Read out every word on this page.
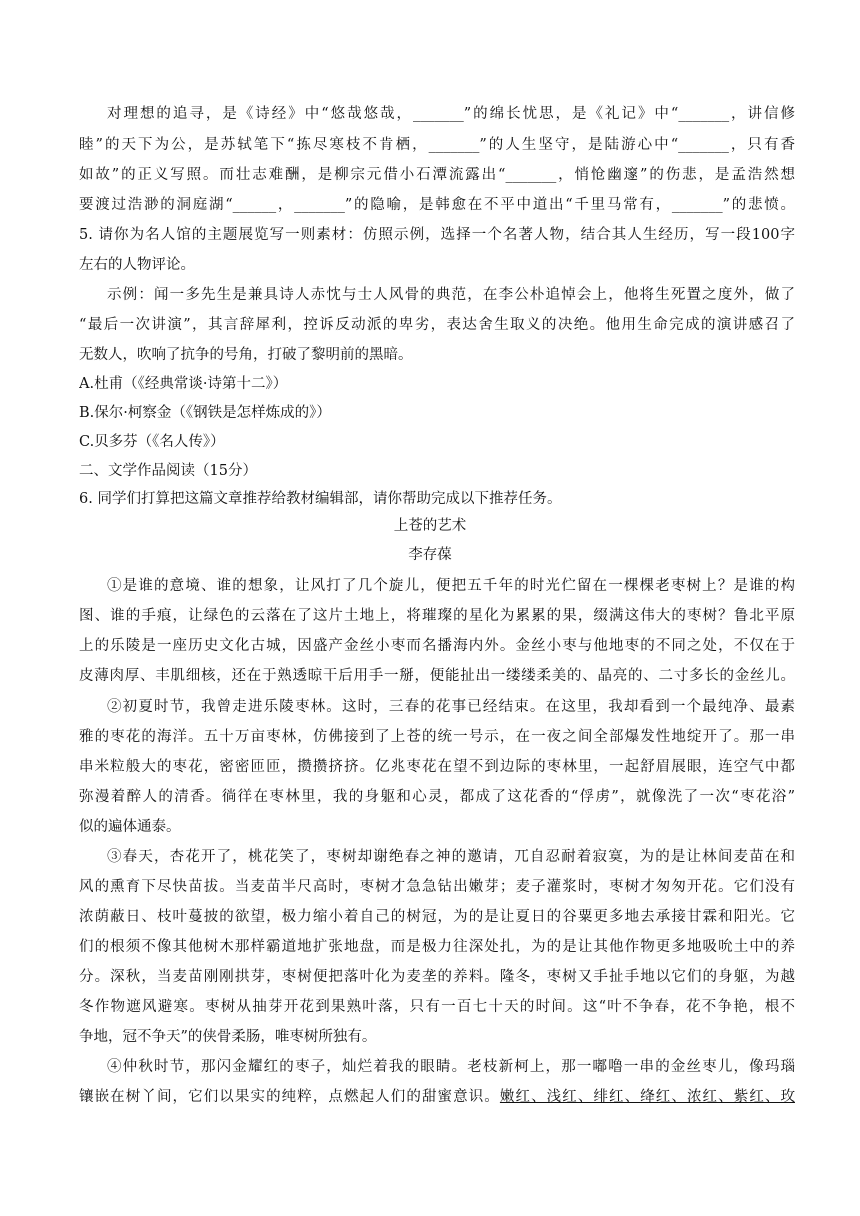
对理想的追寻，是《诗经》中“悠哉悠哉，_______”的绵长忧思，是《礼记》中“_______，讲信修
睦”的天下为公，是苏轼笔下“拣尽寒枝不肯栖，_______”的人生坚守，是陆游心中“_______，只有香
如故”的正义写照。而壮志难酬，是柳宗元借小石潭流露出“_______，悄怆幽邃”的伤悲，是孟浩然想
要渡过浩渺的洞庭湖“______，_______”的隐喻，是韩愈在不平中道出“千里马常有，_______”的悲愤。
5. 请你为名人馆的主题展览写一则素材：仿照示例，选择一个名著人物，结合其人生经历，写一段100字
左右的人物评论。
示例：闻一多先生是兼具诗人赤忱与士人风骨的典范，在李公朴追悼会上，他将生死置之度外，做了
“最后一次讲演”，其言辞犀利，控诉反动派的卑劣，表达舍生取义的决绝。他用生命完成的演讲感召了
无数人，吹响了抗争的号角，打破了黎明前的黑暗。
A.杜甫（《经典常谈·诗第十二》）
B.保尔·柯察金（《钢铁是怎样炼成的》）
C.贝多芬（《名人传》）
二、文学作品阅读（15分）
6. 同学们打算把这篇文章推荐给教材编辑部，请你帮助完成以下推荐任务。
上苍的艺术
李存葆
①是谁的意境、谁的想象，让风打了几个旋儿，便把五千年的时光伫留在一棵棵老枣树上？是谁的构
图、谁的手痕，让绿色的云落在了这片土地上，将璀璨的星化为累累的果，缀满这伟大的枣树？鲁北平原
上的乐陵是一座历史文化古城，因盛产金丝小枣而名播海内外。金丝小枣与他地枣的不同之处，不仅在于
皮薄肉厚、丰肌细核，还在于熟透晾干后用手一掰，便能扯出一缕缕柔美的、晶亮的、二寸多长的金丝儿。
②初夏时节，我曾走进乐陵枣林。这时，三春的花事已经结束。在这里，我却看到一个最纯净、最素
雅的枣花的海洋。五十万亩枣林，仿佛接到了上苍的统一号示，在一夜之间全部爆发性地绽开了。那一串
串米粒般大的枣花，密密匝匝，攒攒挤挤。亿兆枣花在望不到边际的枣林里，一起舒眉展眼，连空气中都
弥漫着醉人的清香。徜徉在枣林里，我的身躯和心灵，都成了这花香的“俘虏”，就像洗了一次“枣花浴”
似的遍体通泰。
③春天，杏花开了，桃花笑了，枣树却谢绝春之神的邀请，兀自忍耐着寂寞，为的是让林间麦苗在和
风的熏育下尽快苗拔。当麦苗半尺高时，枣树才急急钻出嫩芽；麦子灌浆时，枣树才匆匆开花。它们没有
浓荫蔽日、枝叶蔓披的欲望，极力缩小着自己的树冠，为的是让夏日的谷粟更多地去承接甘霖和阳光。它
们的根须不像其他树木那样霸道地扩张地盘，而是极力往深处扎，为的是让其他作物更多地吸吮土中的养
分。深秋，当麦苗刚刚拱芽，枣树便把落叶化为麦垄的养料。隆冬，枣树又手扯手地以它们的身躯，为越
冬作物遮风避寒。枣树从抽芽开花到果熟叶落，只有一百七十天的时间。这“叶不争春，花不争艳，根不
争地，冠不争天”的侠骨柔肠，唯枣树所独有。
④仲秋时节，那闪金耀红的枣子，灿烂着我的眼睛。老枝新柯上，那一嘟噜一串的金丝枣儿，像玛瑙
镶嵌在树丫间，它们以果实的纯粹，点燃起人们的甜蜜意识。嫩红、浅红、绯红、绛红、浓红、紫红、玫
